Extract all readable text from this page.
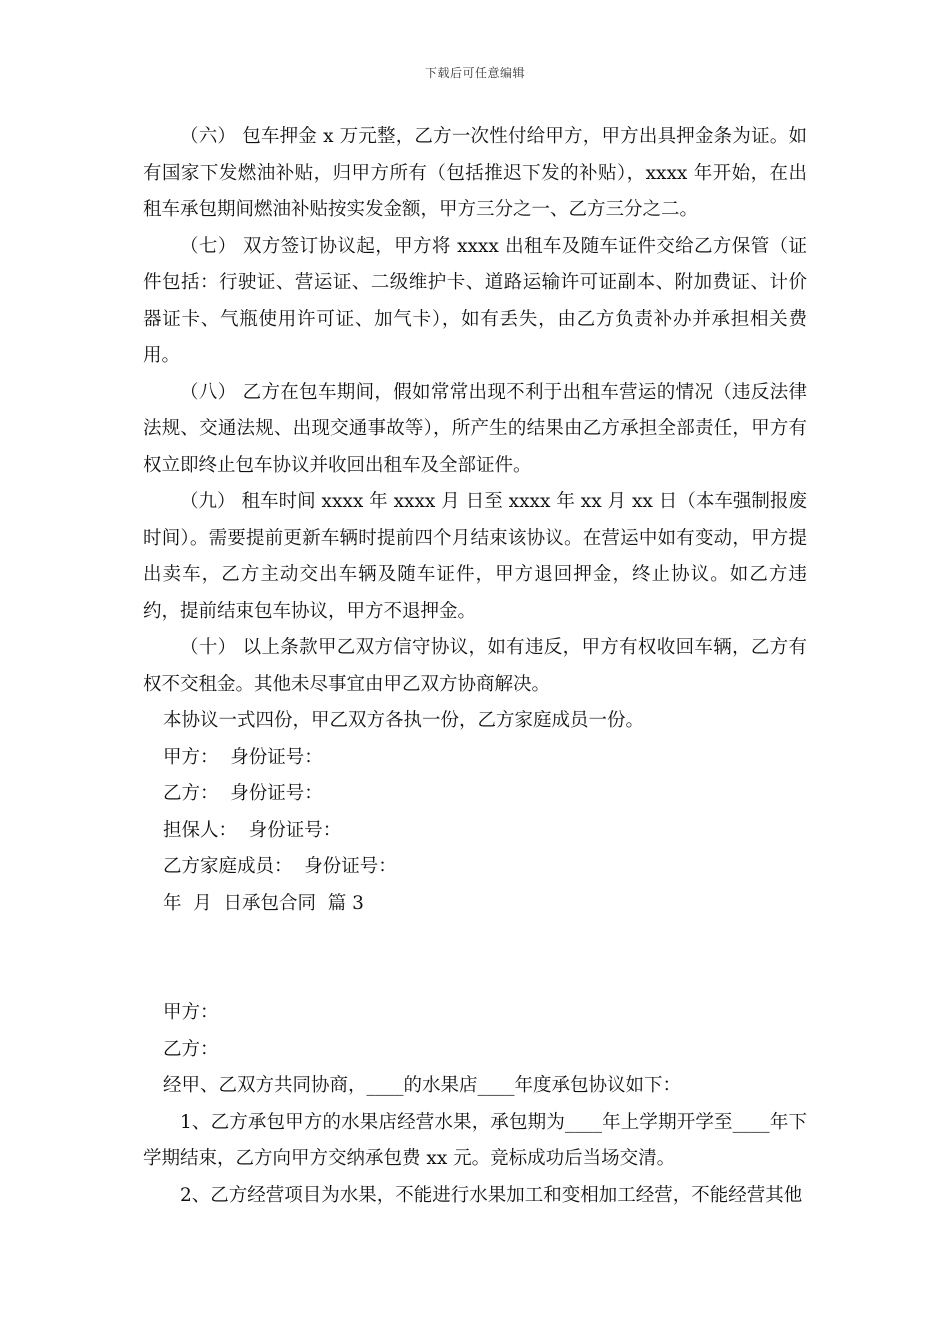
下载后可任意编辑

（六） 包车押金 x 万元整，乙方一次性付给甲方，甲方出具押金条为证。如有国家下发燃油补贴，归甲方所有（包括推迟下发的补贴），xxxx 年开始，在出租车承包期间燃油补贴按实发金额，甲方三分之一、乙方三分之二。

（七） 双方签订协议起，甲方将 xxxx 出租车及随车证件交给乙方保管（证件包括：行驶证、营运证、二级维护卡、道路运输许可证副本、附加费证、计价器证卡、气瓶使用许可证、加气卡），如有丢失，由乙方负责补办并承担相关费用。

（八） 乙方在包车期间，假如常常出现不利于出租车营运的情况（违反法律法规、交通法规、出现交通事故等），所产生的结果由乙方承担全部责任，甲方有权立即终止包车协议并收回出租车及全部证件。

（九） 租车时间 xxxx 年 xxxx 月 日至 xxxx 年 xx 月 xx 日（本车强制报废时间）。需要提前更新车辆时提前四个月结束该协议。在营运中如有变动，甲方提出卖车，乙方主动交出车辆及随车证件，甲方退回押金，终止协议。如乙方违约，提前结束包车协议，甲方不退押金。

（十） 以上条款甲乙双方信守协议，如有违反，甲方有权收回车辆，乙方有权不交租金。其他未尽事宜由甲乙双方协商解决。

本协议一式四份，甲乙双方各执一份，乙方家庭成员一份。

甲方：  身份证号：

乙方：  身份证号：

担保人：  身份证号：

乙方家庭成员：  身份证号：

年  月  日承包合同  篇 3

甲方：

乙方：

经甲、乙双方共同协商，____的水果店____年度承包协议如下：

1、乙方承包甲方的水果店经营水果，承包期为____年上学期开学至____年下学期结束，乙方向甲方交纳承包费 xx 元。竞标成功后当场交清。

2、乙方经营项目为水果，不能进行水果加工和变相加工经营，不能经营其他
